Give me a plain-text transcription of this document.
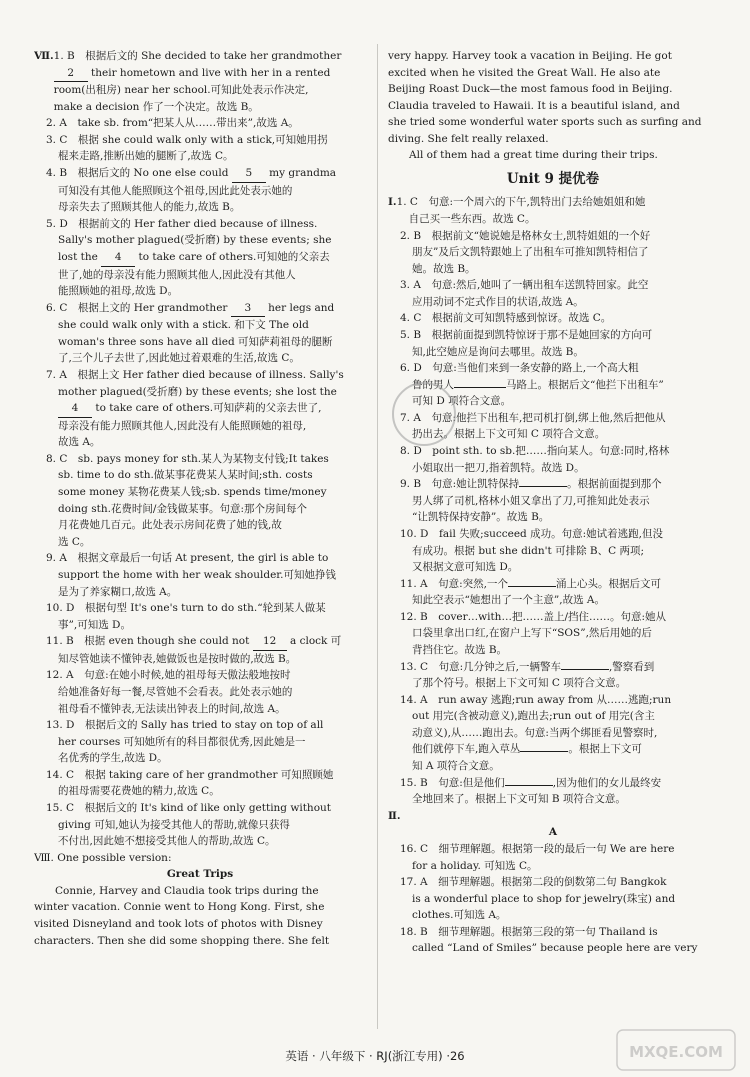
Ⅶ. 1. B　根据后文的 She decided to take her grandmother
2 their hometown and live with her in a rented
room(出租房) near her school.可知此处表示作决定,
make a decision 作了一个决定。故选 B。
2. A　take sb. from“把某人从……带出来”,故选 A。
3. C　根据 she could walk only with a stick,可知她用拐
棍来走路,推断出她的腿断了,故选 C。
4. B　根据后文的 No one else could 5 my grandma
可知没有其他人能照顾这个祖母,因此此处表示她的
母亲失去了照顾其他人的能力,故选 B。
5. D　根据前文的 Her father died because of illness.
Sally's mother plagued(受折磨) by these events; she
lost the 4 to take care of others.可知她的父亲去
世了,她的母亲没有能力照顾其他人,因此没有其他人
能照顾她的祖母,故选 D。
6. C　根据上文的 Her grandmother 3 her legs and
she could walk only with a stick. 和下文 The old
woman's three sons have all died 可知萨莉祖母的腿断
了,三个儿子去世了,因此她过着艰难的生活,故选 C。
7. A　根据上文 Her father died because of illness. Sally's
mother plagued(受折磨) by these events; she lost the
4 to take care of others.可知萨莉的父亲去世了,
母亲没有能力照顾其他人,因此没有人能照顾她的祖母,
故选 A。
8. C　sb. pays money for sth.某人为某物支付钱;It takes
sb. time to do sth.做某事花费某人某时间;sth. costs
some money 某物花费某人钱;sb. spends time/money
doing sth.花费时间/金钱做某事。句意:那个房间每个
月花费她几百元。此处表示房间花费了她的钱,故
选 C。
9. A　根据文章最后一句话 At present, the girl is able to
support the home with her weak shoulder.可知她挣钱
是为了养家糊口,故选 A。
10. D　根据句型 It's one's turn to do sth.“轮到某人做某
事”,可知选 D。
11. B　根据 even though she could not 12 a clock 可
知尽管她读不懂钟表,她做饭也是按时做的,故选 B。
12. A　句意:在她小时候,她的祖母每天傲法般地按时
给她准备好每一餐,尽管她不会看表。此处表示她的
祖母看不懂钟表,无法读出钟表上的时间,故选 A。
13. D　根据后文的 Sally has tried to stay on top of all
her courses 可知她所有的科目都很优秀,因此她是一
名优秀的学生,故选 D。
14. C　根据 taking care of her grandmother 可知照顾她
的祖母需要花费她的精力,故选 C。
15. C　根据后文的 It's kind of like only getting without
giving 可知,她认为接受其他人的帮助,就像只获得
不付出,因此她不想接受其他人的帮助,故选 C。
Ⅷ. One possible version:
Great Trips
Connie, Harvey and Claudia took trips during the
winter vacation. Connie went to Hong Kong. First, she
visited Disneyland and took lots of photos with Disney
characters. Then she did some shopping there. She felt
very happy. Harvey took a vacation in Beijing. He got
excited when he visited the Great Wall. He also ate
Beijing Roast Duck—the most famous food in Beijing.
Claudia traveled to Hawaii. It is a beautiful island, and
she tried some wonderful water sports such as surfing and
diving. She felt really relaxed.
All of them had a great time during their trips.
Unit 9 提优卷
Ⅰ. 1. C　句意:一个周六的下午,凯特出门去给她姐姐和她
自己买一些东西。故选 C。
2. B　根据前文“她说她是格林女士,凯特姐姐的一个好
朋友”及后文凯特跟她上了出租车可推知凯特相信了
她。故选 B。
3. A　句意:然后,她叫了一辆出租车送凯特回家。此空
应用动词不定式作目的状语,故选 A。
4. C　根据前文可知凯特感到惊讶。故选 C。
5. B　根据前面提到凯特惊讶于那不是她回家的方向可
知,此空她应是询问去哪里。故选 B。
6. D　句意:当他们来到一条安静的路上,一个高大粗
鲁的男人	马路上。根据后文“他拦下出租车”
可知 D 项符合文意。
7. A　句意:他拦下出租车,把司机打倒,绑上他,然后把他从
扔出去。根据上下文可知 C 项符合文意。
8. D　point sth. to sb.把……指向某人。句意:同时,格林
小姐取出一把刀,指着凯特。故选 D。
9. B　句意:她让凯特保持	。根据前面提到那个
男人绑了司机,格林小姐又拿出了刀,可推知此处表示
“让凯特保持安静”。故选 B。
10. D　fail 失败;succeed 成功。句意:她试着逃跑,但没
有成功。根据 but she didn't 可排除 B、C 两项;
又根据文意可知选 D。
11. A　句意:突然,一个	涌上心头。根据后文可
知此空表示“她想出了一个主意”,故选 A。
12. B　cover…with…把……盖上/挡住……。句意:她从
口袋里拿出口红,在窗户上写下“SOS”,然后用她的后
背挡住它。故选 B。
13. C　句意:几分钟之后,一辆警车	,警察看到
了那个符号。根据上下文可知 C 项符合文意。
14. A　run away 逃跑;run away from 从……逃跑;run
out 用完(含被动意义),跑出去;run out of 用完(含主
动意义),从……跑出去。句意:当两个绑匪看见警察时,
他们就停下车,跑入草丛	。根据上下文可
知 A 项符合文意。
15. B　句意:但是他们	,因为他们的女儿最终安
全地回来了。根据上下文可知 B 项符合文意。
Ⅱ.
A
16. C　细节理解题。根据第一段的最后一句 We are here
for a holiday. 可知选 C。
17. A　细节理解题。根据第二段的倒数第二句 Bangkok
is a wonderful place to shop for jewelry(珠宝) and
clothes.可知选 A。
18. B　细节理解题。根据第三段的第一句 Thailand is
called “Land of Smiles” because people here are very
英语 · 八年级下 · RJ(浙江专用) ·26	MXQE.COM
